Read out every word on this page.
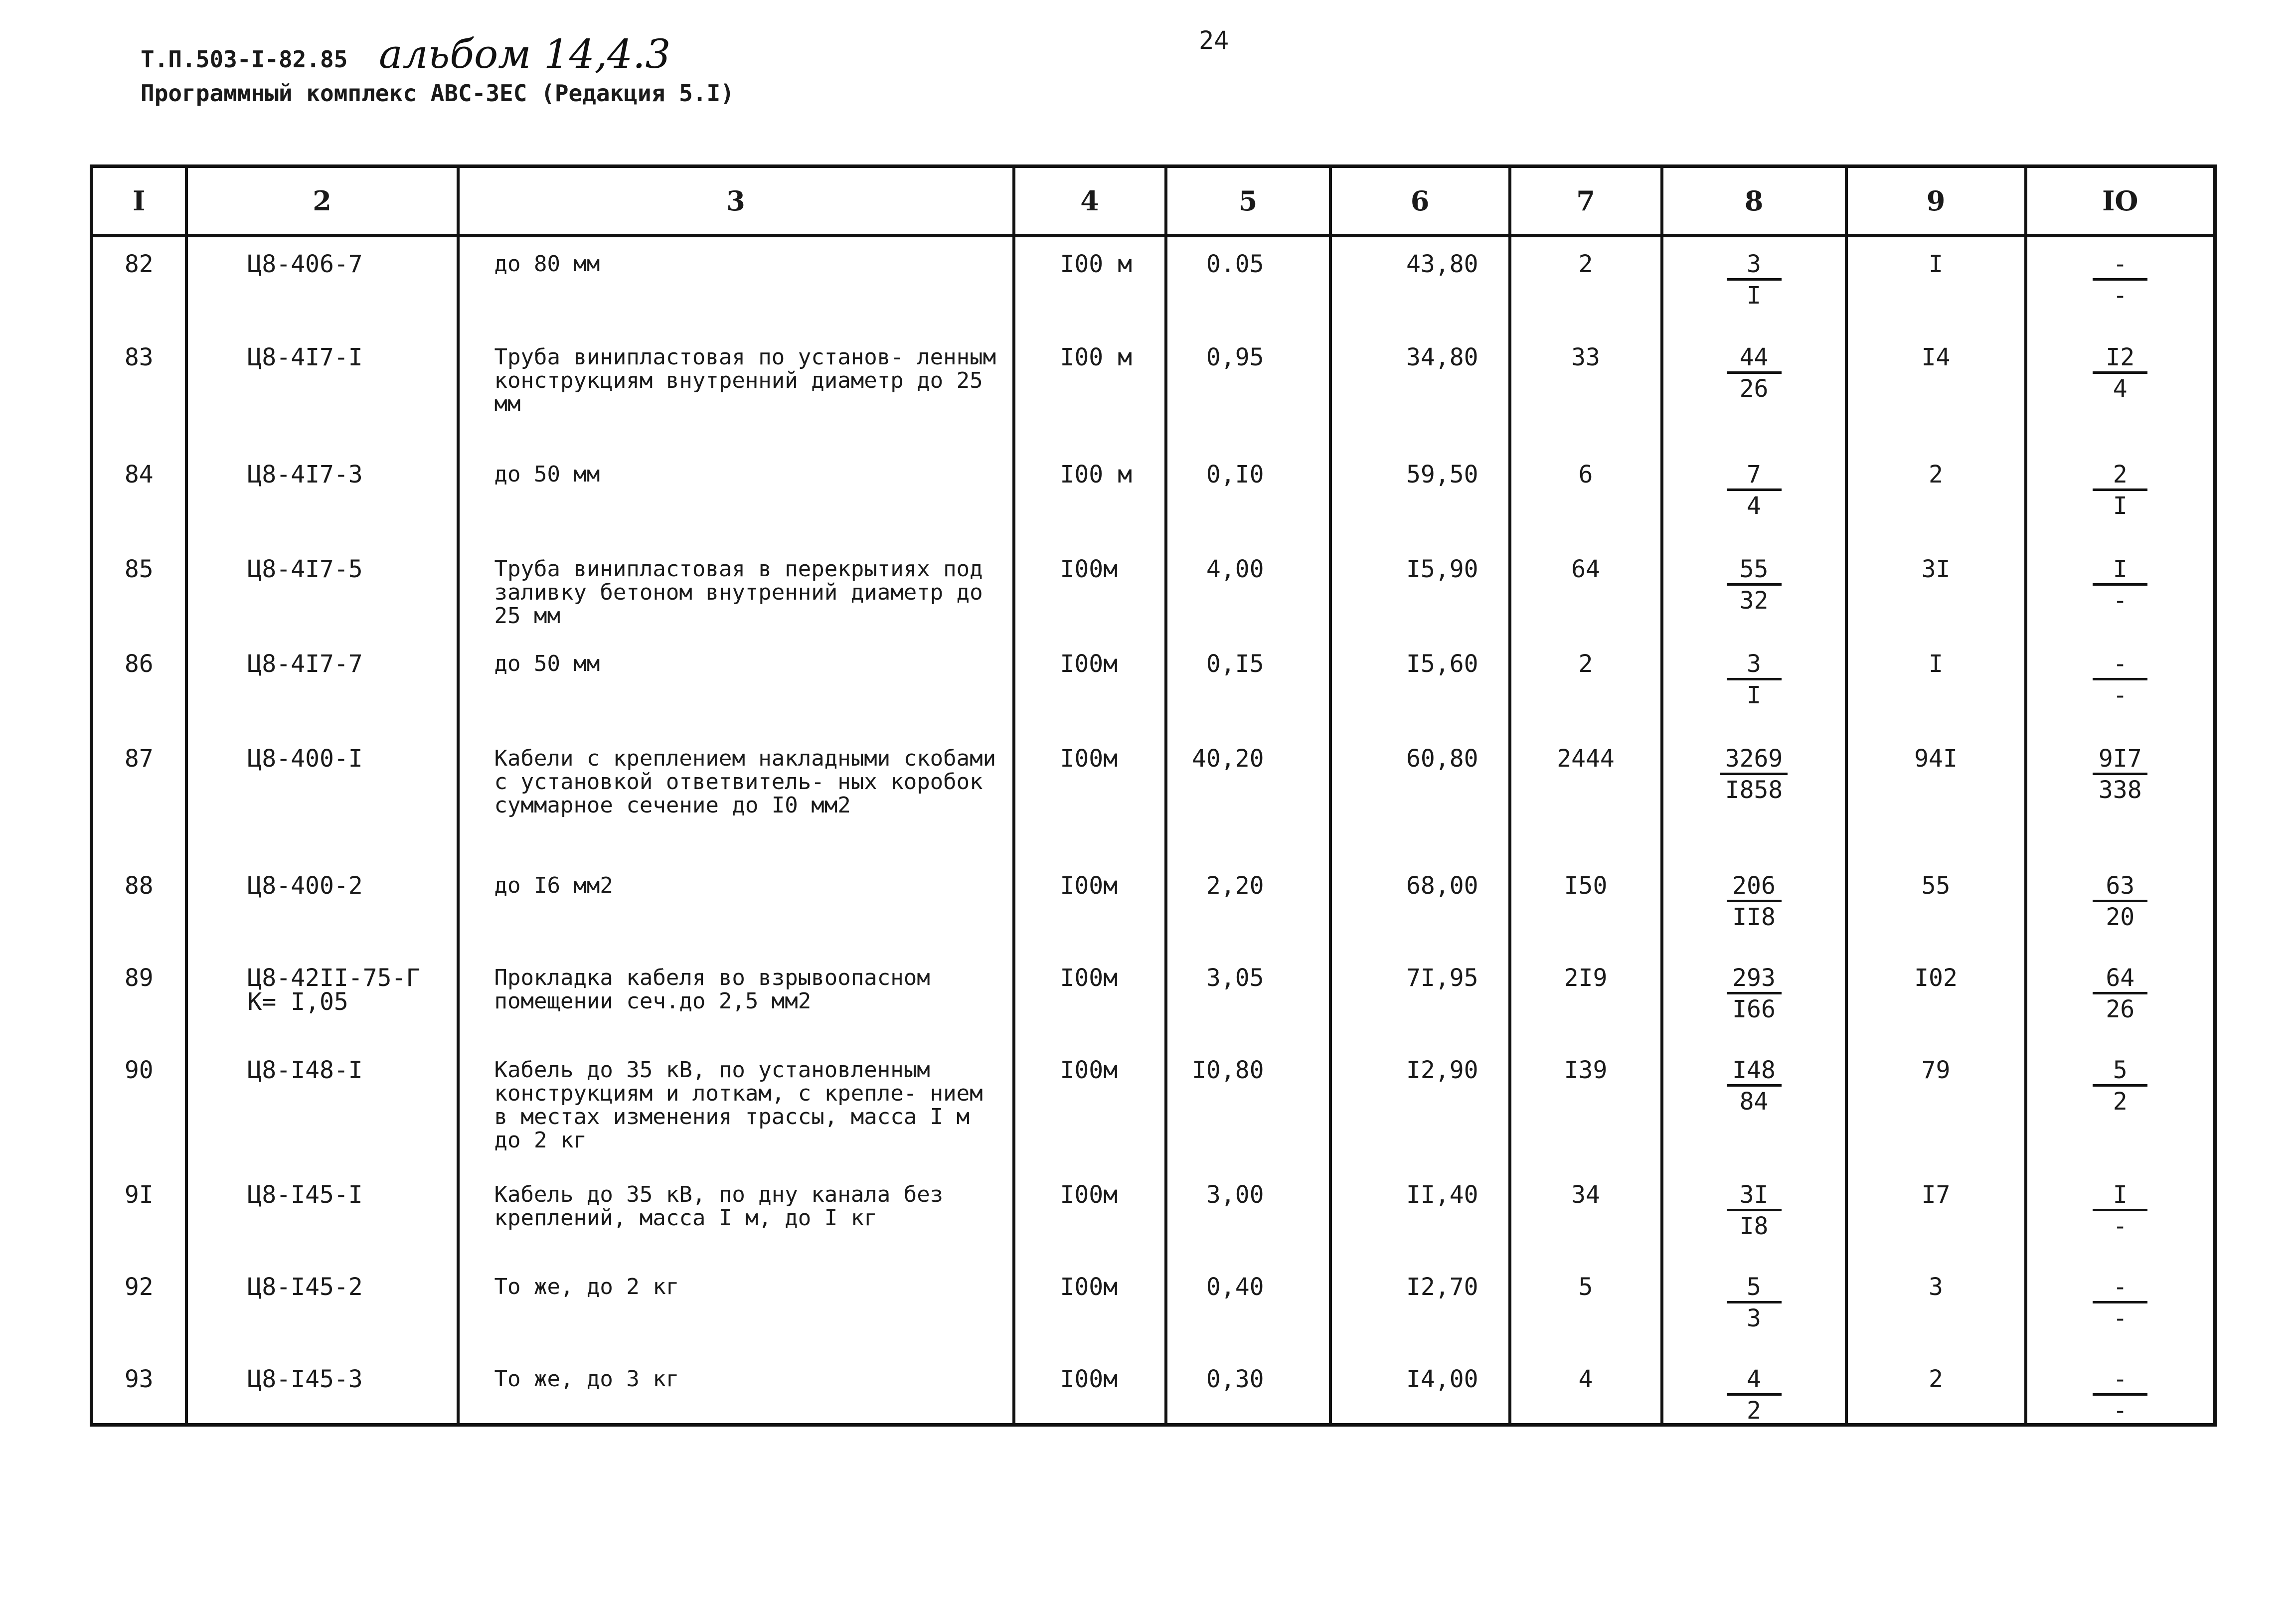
Т.П.503-I-82.85 альбом 14,4.3
Программный комплекс АВС-ЗЕС (Редакция 5.I)
24
I	2	3	4	5	6	7	8	9	IO
82	Ц8-406-7	до 80 мм	I00 м	0.05	43,80	2	$\frac{3}{I}$	I	$\frac{-}{-}$

83	Ц8-4I7-I	Труба винипластовая по установ- ленным конструкциям внутренний диаметр до 25 мм	I00 м	0,95	34,80	33	$\frac{44}{26}$	I4	$\frac{I2}{4}$

84	Ц8-4I7-3	до 50 мм	I00 м	0,I0	59,50	6	$\frac{7}{4}$	2	$\frac{2}{I}$

85	Ц8-4I7-5	Труба винипластовая в перекрытиях под заливку бетоном внутренний диаметр до 25 мм	I00м	4,00	I5,90	64	$\frac{55}{32}$	3I	$\frac{I}{-}$

86	Ц8-4I7-7	до 50 мм	I00м	0,I5	I5,60	2	$\frac{3}{I}$	I	$\frac{-}{-}$

87	Ц8-400-I	Кабели с креплением накладными скобами с установкой ответвитель- ных коробок суммарное сечение до I0 мм2	I00м	40,20	60,80	2444	$\frac{3269}{I858}$	94I	$\frac{9I7}{338}$

88	Ц8-400-2	до I6 мм2	I00м	2,20	68,00	I50	$\frac{206}{II8}$	55	$\frac{63}{20}$

89	Ц8-42II-75-Г К= I,05	Прокладка кабеля во взрывоопасном помещении сеч.до 2,5 мм2	I00м	3,05	7I,95	2I9	$\frac{293}{I66}$	I02	$\frac{64}{26}$

90	Ц8-I48-I	Кабель до 35 кВ, по установленным конструкциям и лоткам, с крепле- нием в местах изменения трассы, масса I м до 2 кг	I00м	I0,80	I2,90	I39	$\frac{I48}{84}$	79	$\frac{5}{2}$

9I	Ц8-I45-I	Кабель до 35 кВ, по дну канала без креплений, масса I м, до I кг	I00м	3,00	II,40	34	$\frac{3I}{I8}$	I7	$\frac{I}{-}$

92	Ц8-I45-2	То же, до 2 кг	I00м	0,40	I2,70	5	$\frac{5}{3}$	3	$\frac{-}{-}$

93	Ц8-I45-3	То же, до 3 кг	I00м	0,30	I4,00	4	$\frac{4}{2}$	2	$\frac{-}{-}$
